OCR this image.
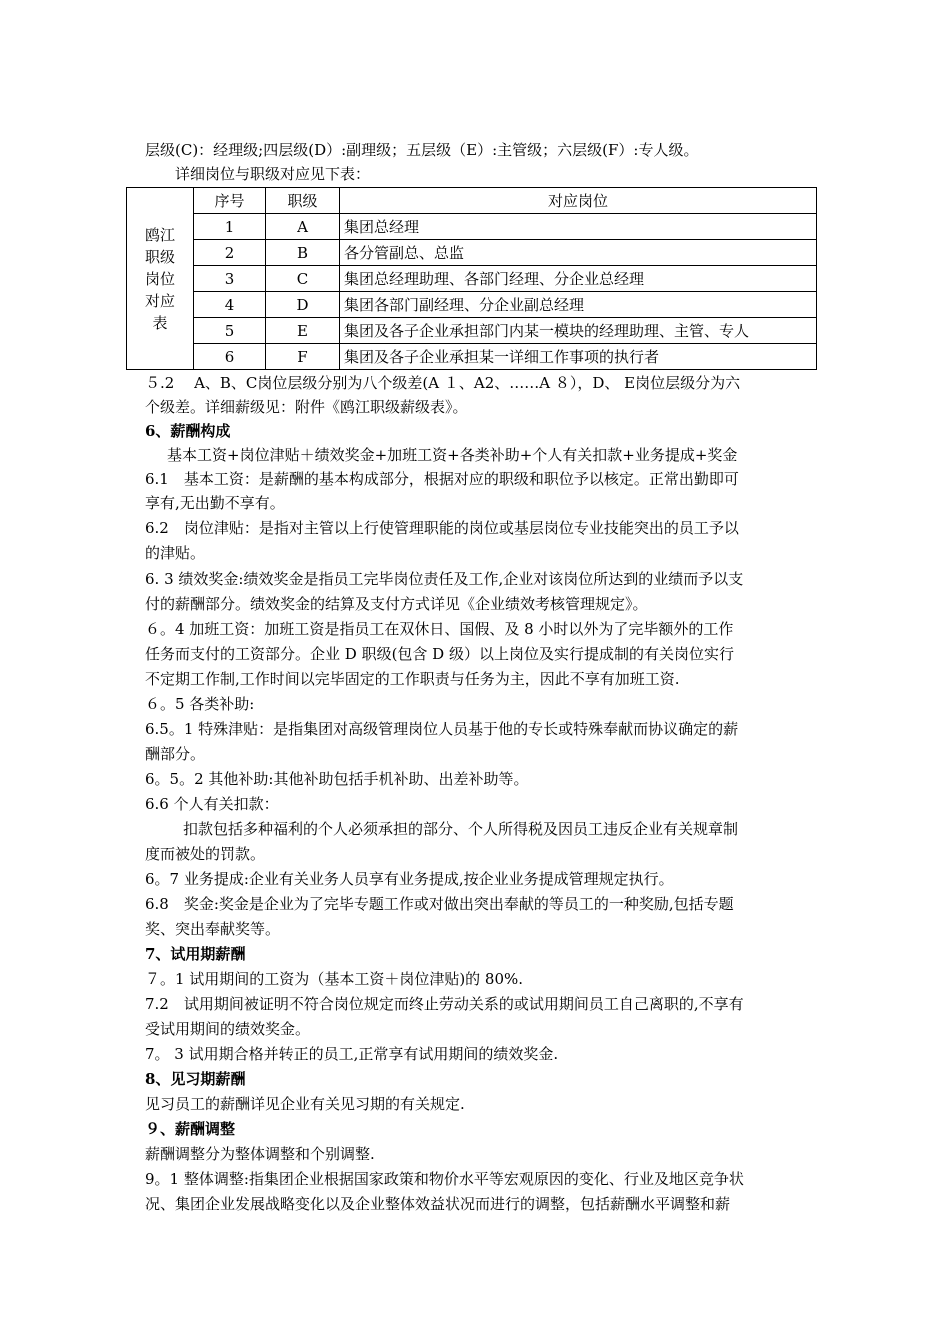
层级(C)：经理级;四层级(D）:副理级；五层级（E）:主管级；六层级(F）:专人级。
详细岗位与职级对应见下表：
鸥江
职级
岗位
对应
表	序号	职级	对应岗位
	1	A	集团总经理
	2	B	各分管副总、总监
	3	C	集团总经理助理、各部门经理、分企业总经理
	4	D	集团各部门副经理、分企业副总经理
	5	E	集团及各子企业承担部门内某一模块的经理助理、主管、专人
	6	F	集团及各子企业承担某一详细工作事项的执行者
５.2　 A、B、C岗位层级分别为八个级差(A １、A2、……A ８），D、 E岗位层级分为六
个级差。详细薪级见：附件《鸥江职级薪级表》。
6、薪酬构成
基本工资+岗位津贴＋绩效奖金+加班工资+各类补助+个人有关扣款+业务提成+奖金
6.1　基本工资：是薪酬的基本构成部分，根据对应的职级和职位予以核定。正常出勤即可
享有,无出勤不享有。
6.2　岗位津贴：是指对主管以上行使管理职能的岗位或基层岗位专业技能突出的员工予以
的津贴。
6. 3 绩效奖金:绩效奖金是指员工完毕岗位责任及工作,企业对该岗位所达到的业绩而予以支
付的薪酬部分。绩效奖金的结算及支付方式详见《企业绩效考核管理规定》。
６。4 加班工资：加班工资是指员工在双休日、国假、及 8 小时以外为了完毕额外的工作
任务而支付的工资部分。企业 D 职级(包含 D 级）以上岗位及实行提成制的有关岗位实行
不定期工作制,工作时间以完毕固定的工作职责与任务为主，因此不享有加班工资.
６。5 各类补助:
6.5。1 特殊津贴：是指集团对高级管理岗位人员基于他的专长或特殊奉献而协议确定的薪
酬部分。
6。5。2 其他补助:其他补助包括手机补助、出差补助等。
6.6 个人有关扣款：
扣款包括多种福利的个人必须承担的部分、个人所得税及因员工违反企业有关规章制
度而被处的罚款。
6。7 业务提成:企业有关业务人员享有业务提成,按企业业务提成管理规定执行。
6.8　奖金:奖金是企业为了完毕专题工作或对做出突出奉献的等员工的一种奖励,包括专题
奖、突出奉献奖等。
7、试用期薪酬
７。1 试用期间的工资为（基本工资＋岗位津贴)的 80%.
7.2　试用期间被证明不符合岗位规定而终止劳动关系的或试用期间员工自己离职的,不享有
受试用期间的绩效奖金。
7。 3 试用期合格并转正的员工,正常享有试用期间的绩效奖金.
8、见习期薪酬
见习员工的薪酬详见企业有关见习期的有关规定.
９、薪酬调整
薪酬调整分为整体调整和个别调整.
9。1 整体调整:指集团企业根据国家政策和物价水平等宏观原因的变化、行业及地区竞争状
况、集团企业发展战略变化以及企业整体效益状况而进行的调整，包括薪酬水平调整和薪
